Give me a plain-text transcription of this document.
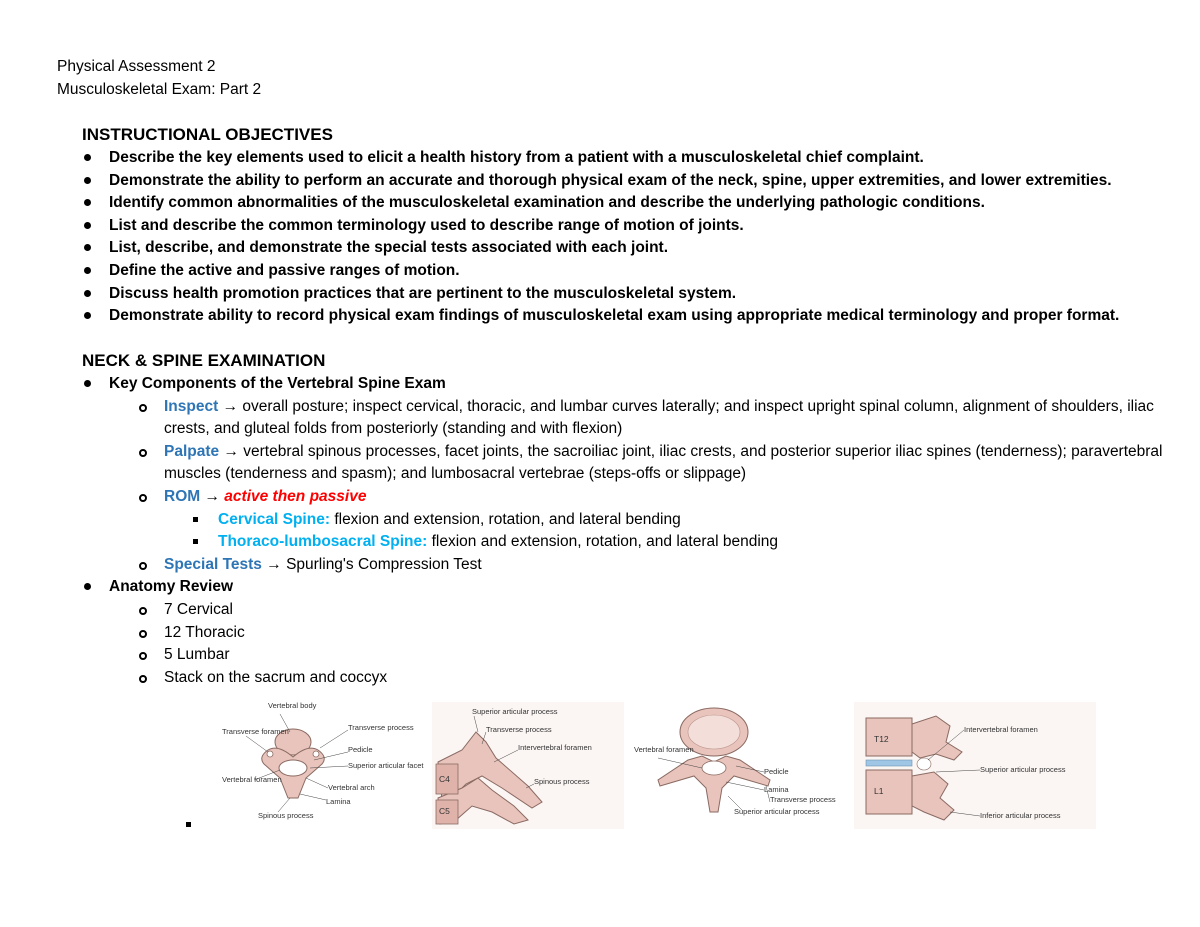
Physical Assessment 2
Musculoskeletal Exam: Part 2
INSTRUCTIONAL OBJECTIVES
Describe the key elements used to elicit a health history from a patient with a musculoskeletal chief complaint.
Demonstrate the ability to perform an accurate and thorough physical exam of the neck, spine, upper extremities, and lower extremities.
Identify common abnormalities of the musculoskeletal examination and describe the underlying pathologic conditions.
List and describe the common terminology used to describe range of motion of joints.
List, describe, and demonstrate the special tests associated with each joint.
Define the active and passive ranges of motion.
Discuss health promotion practices that are pertinent to the musculoskeletal system.
Demonstrate ability to record physical exam findings of musculoskeletal exam using appropriate medical terminology and proper format.
NECK & SPINE EXAMINATION
Key Components of the Vertebral Spine Exam
Inspect → overall posture; inspect cervical, thoracic, and lumbar curves laterally; and inspect upright spinal column, alignment of shoulders, iliac crests, and gluteal folds from posteriorly (standing and with flexion)
Palpate → vertebral spinous processes, facet joints, the sacroiliac joint, iliac crests, and posterior superior iliac spines (tenderness); paravertebral muscles (tenderness and spasm); and lumbosacral vertebrae (steps-offs or slippage)
ROM → active then passive
Cervical Spine: flexion and extension, rotation, and lateral bending
Thoraco-lumbosacral Spine: flexion and extension, rotation, and lateral bending
Special Tests → Spurling's Compression Test
Anatomy Review
7 Cervical
12 Thoracic
5 Lumbar
Stack on the sacrum and coccyx
Vertebral body
Transverse foramen	Transverse process
Pedicle
Superior articular facet
Vertebral foramen
Vertebral arch
Lamina
Spinous process
Superior articular process
Transverse process
Intervertebral foramen
Spinous process
C4
C5
Vertebral foramen
Pedicle
Lamina
Transverse process
Superior articular process
Intervertebral foramen
Superior articular process
Inferior articular process
T12
L1
